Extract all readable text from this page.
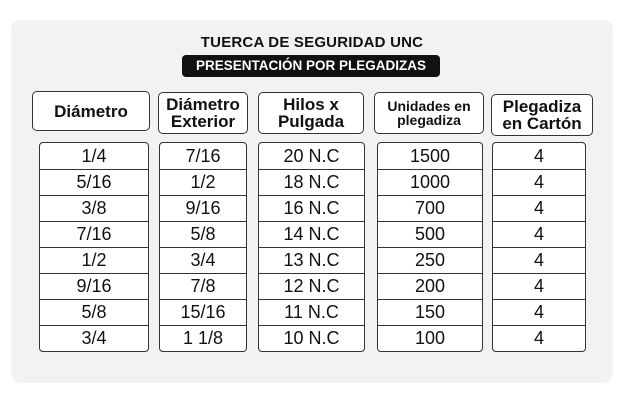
TUERCA DE SEGURIDAD UNC
PRESENTACIÓN POR PLEGADIZAS
Diámetro Diámetro
Exterior
Hilos x
Pulgada
Unidades en
plegadiza
Plegadiza
en Cartón
1/4
5/16
3/8
7/16
1/2
9/16
5/8
3/4
7/16
1/2
9/16
5/8
3/4
7/8
15/16
1 1/8
20 N.C
18 N.C
16 N.C
14 N.C
13 N.C
12 N.C
11 N.C
10 N.C
1500
1000
700
500
250
200
150
100
4
4
4
4
4
4
4
4
